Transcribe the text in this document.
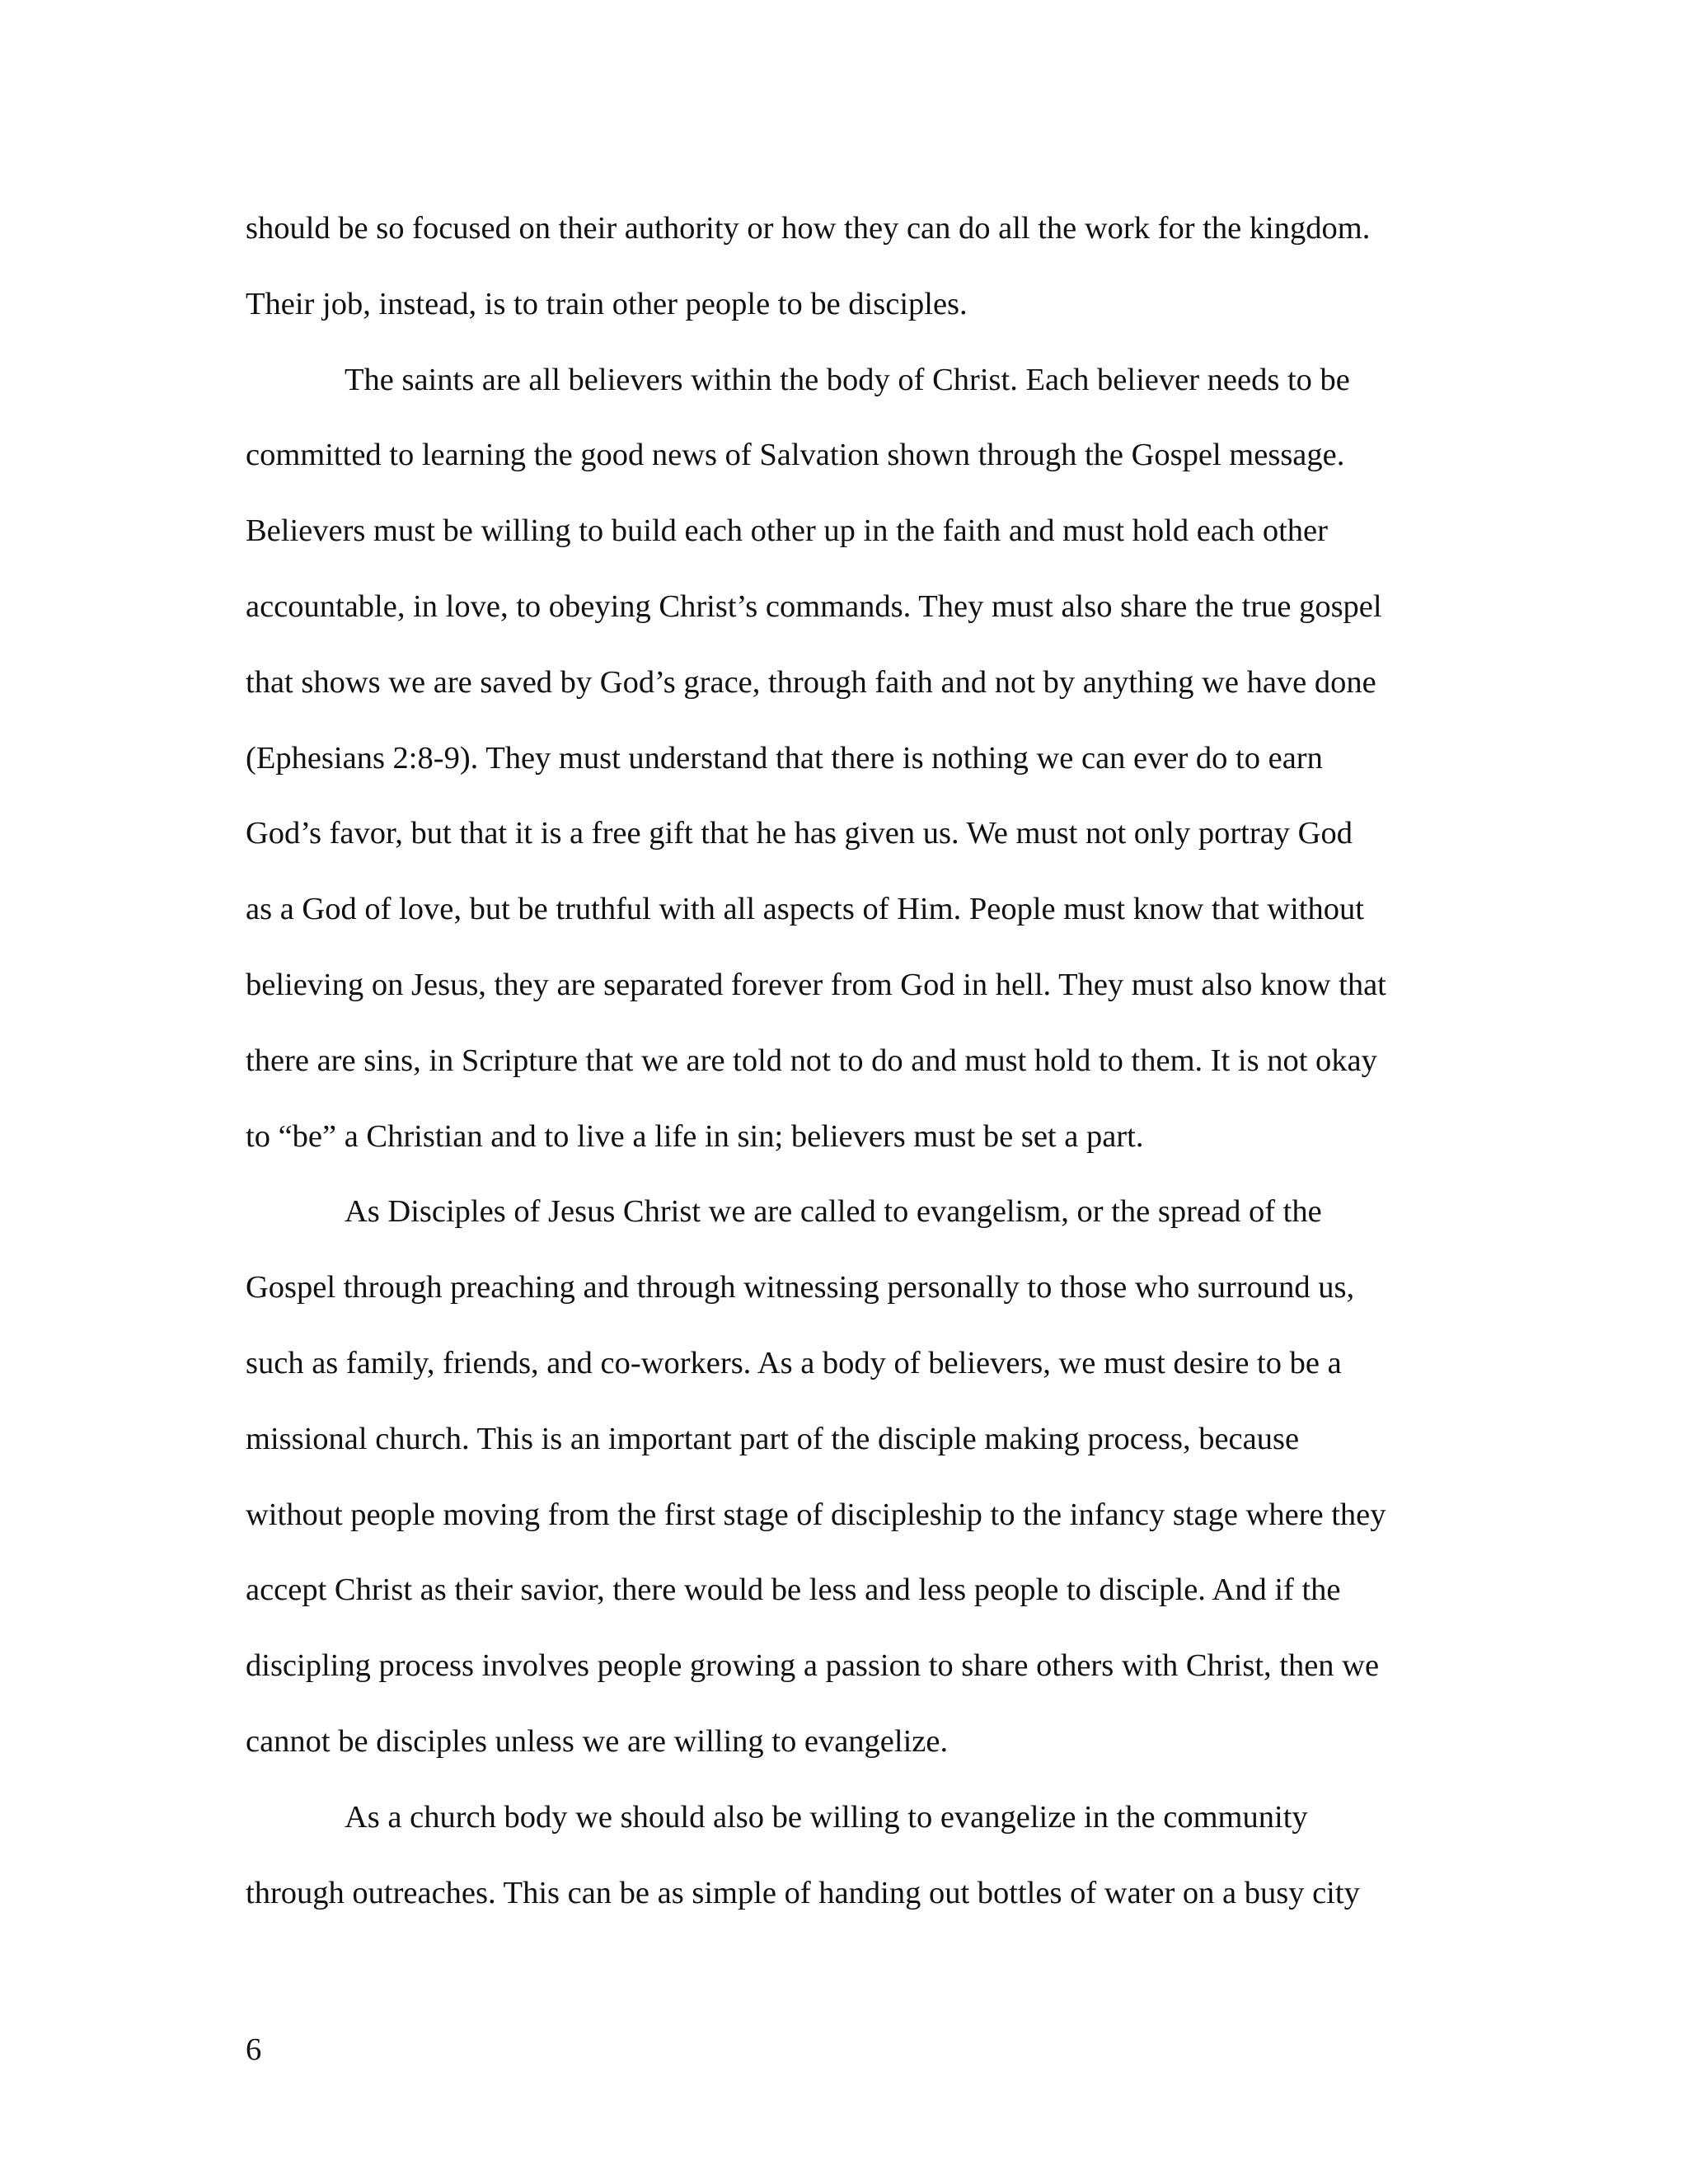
should be so focused on their authority or how they can do all the work for the kingdom.
Their job, instead, is to train other people to be disciples.

The saints are all believers within the body of Christ. Each believer needs to be
committed to learning the good news of Salvation shown through the Gospel message.
Believers must be willing to build each other up in the faith and must hold each other
accountable, in love, to obeying Christ’s commands. They must also share the true gospel
that shows we are saved by God’s grace, through faith and not by anything we have done
(Ephesians 2:8-9). They must understand that there is nothing we can ever do to earn
God’s favor, but that it is a free gift that he has given us. We must not only portray God
as a God of love, but be truthful with all aspects of Him. People must know that without
believing on Jesus, they are separated forever from God in hell. They must also know that
there are sins, in Scripture that we are told not to do and must hold to them. It is not okay
to “be” a Christian and to live a life in sin; believers must be set a part.

As Disciples of Jesus Christ we are called to evangelism, or the spread of the
Gospel through preaching and through witnessing personally to those who surround us,
such as family, friends, and co-workers. As a body of believers, we must desire to be a
missional church. This is an important part of the disciple making process, because
without people moving from the first stage of discipleship to the infancy stage where they
accept Christ as their savior, there would be less and less people to disciple. And if the
discipling process involves people growing a passion to share others with Christ, then we
cannot be disciples unless we are willing to evangelize.

As a church body we should also be willing to evangelize in the community
through outreaches. This can be as simple of handing out bottles of water on a busy city

6
